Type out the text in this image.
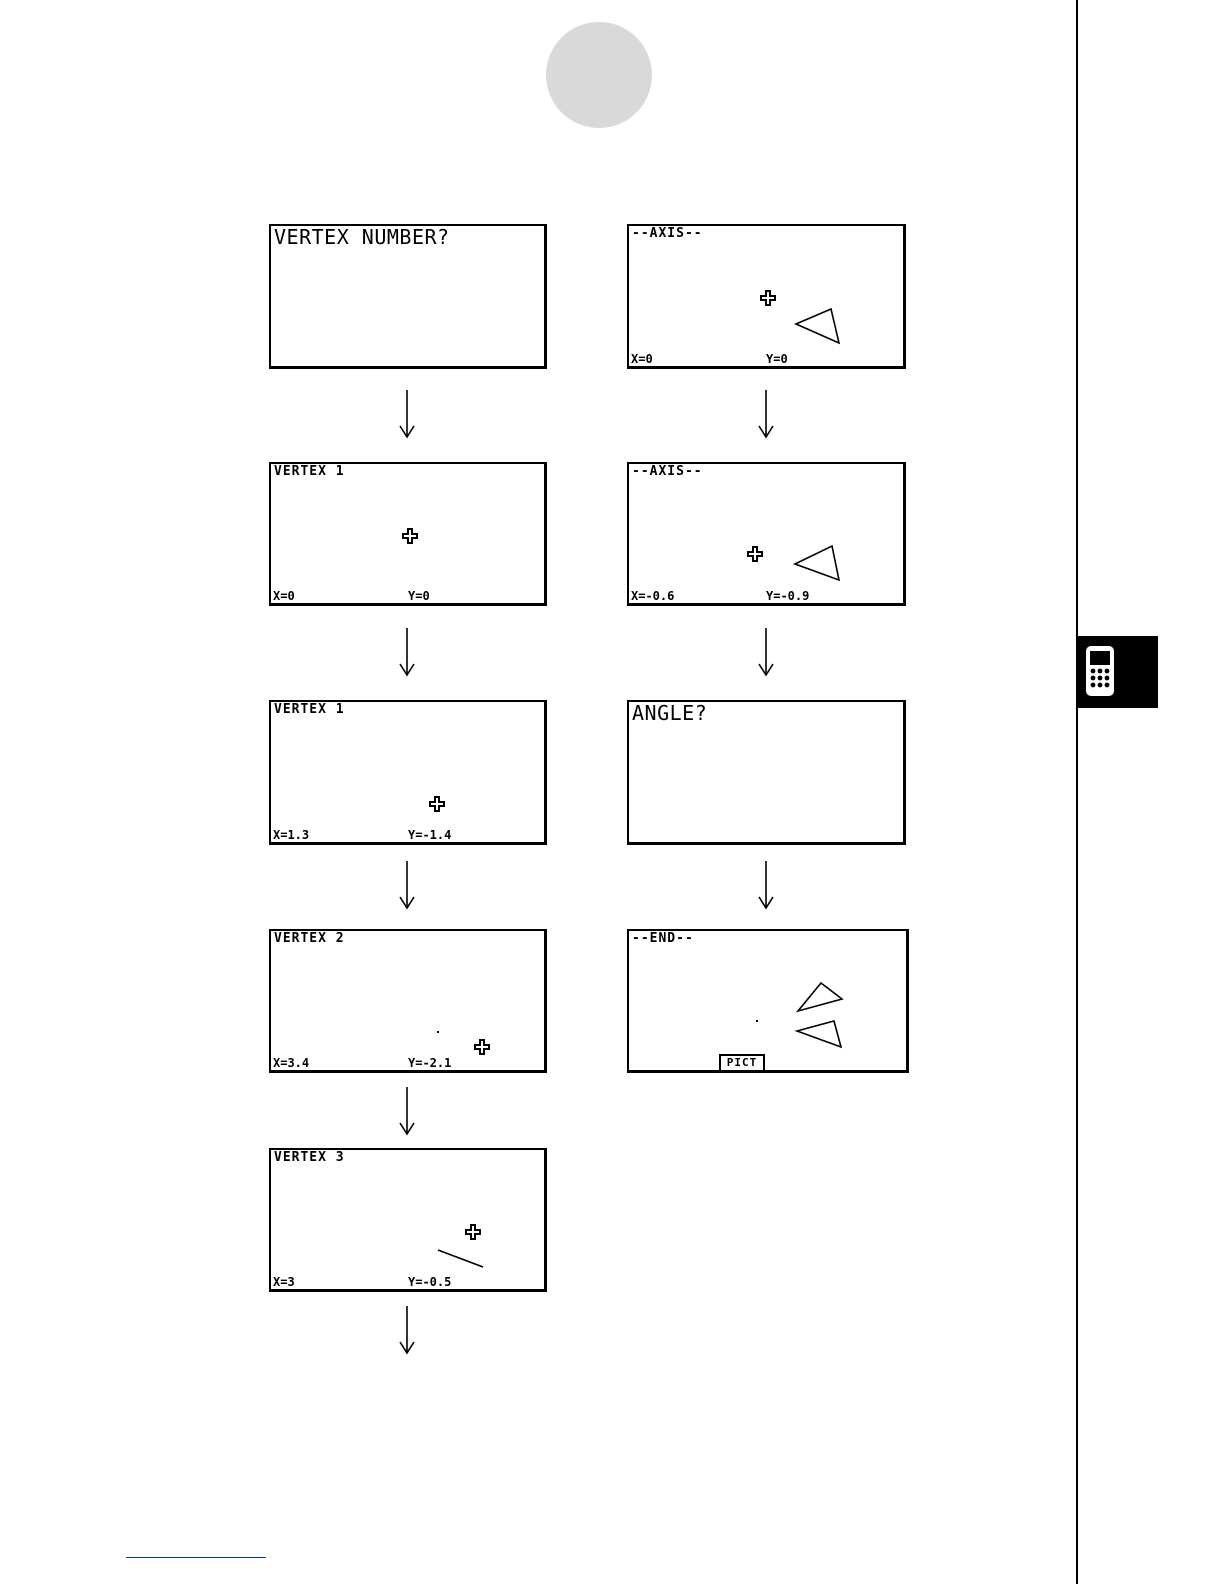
VERTEX NUMBER?
VERTEX 1
X=0	Y=0
VERTEX 1
X=1.3	Y=-1.4
VERTEX 2
X=3.4	Y=-2.1
VERTEX 3
X=3	Y=-0.5
--AXIS--
X=0	Y=0
--AXIS--
X=-0.6	Y=-0.9
ANGLE?
--END--
PICT
